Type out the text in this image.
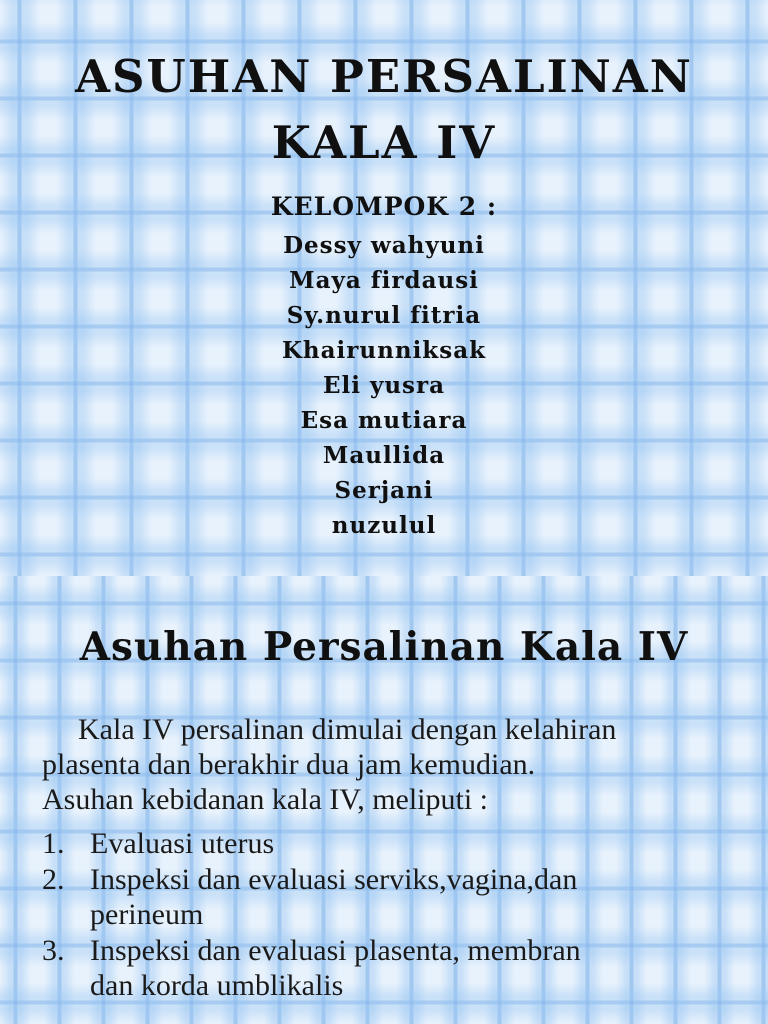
ASUHAN PERSALINAN
KALA IV
KELOMPOK 2 :
Dessy wahyuni
Maya firdausi
Sy.nurul fitria
Khairunniksak
Eli yusra
Esa mutiara
Maullida
Serjani
nuzulul
Asuhan Persalinan Kala IV
Kala IV persalinan dimulai dengan kelahiran
plasenta dan berakhir dua jam kemudian.
Asuhan kebidanan kala IV, meliputi :
1. Evaluasi uterus
2. Inspeksi dan evaluasi serviks,vagina,dan
perineum
3. Inspeksi dan evaluasi plasenta, membran
dan korda umblikalis
